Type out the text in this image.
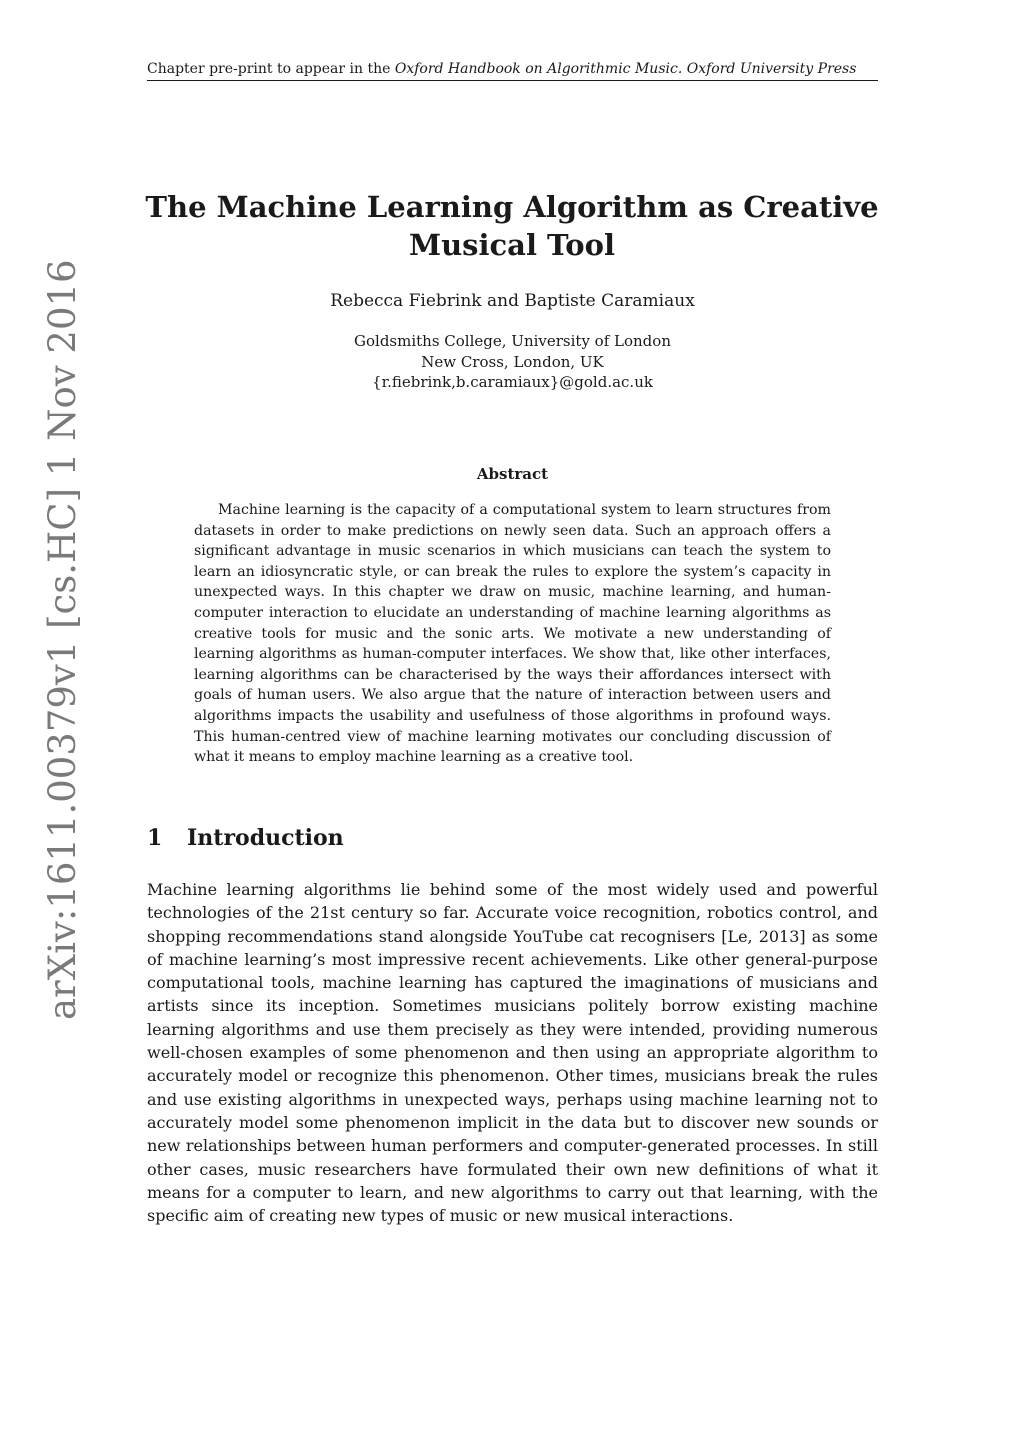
Chapter pre-print to appear in the Oxford Handbook on Algorithmic Music. Oxford University Press
arXiv:1611.00379v1 [cs.HC] 1 Nov 2016
The Machine Learning Algorithm as Creative Musical Tool
Rebecca Fiebrink and Baptiste Caramiaux
Goldsmiths College, University of London
New Cross, London, UK
{r.fiebrink,b.caramiaux}@gold.ac.uk
Abstract

Machine learning is the capacity of a computational system to learn structures from datasets in order to make predictions on newly seen data. Such an approach offers a significant advantage in music scenarios in which musicians can teach the system to learn an idiosyncratic style, or can break the rules to explore the system’s capacity in unexpected ways. In this chapter we draw on music, machine learning, and human-computer interaction to elucidate an understanding of machine learning algorithms as creative tools for music and the sonic arts. We motivate a new understanding of learning algorithms as human-computer interfaces. We show that, like other interfaces, learning algorithms can be characterised by the ways their affordances intersect with goals of human users. We also argue that the nature of interaction between users and algorithms impacts the usability and usefulness of those algorithms in profound ways. This human-centred view of machine learning motivates our concluding discussion of what it means to employ machine learning as a creative tool.

1 Introduction

Machine learning algorithms lie behind some of the most widely used and powerful technologies of the 21st century so far. Accurate voice recognition, robotics control, and shopping recommendations stand alongside YouTube cat recognisers [Le, 2013] as some of machine learning’s most impressive recent achievements. Like other general-purpose computational tools, machine learning has captured the imaginations of musicians and artists since its inception. Sometimes musicians politely borrow existing machine learning algorithms and use them precisely as they were intended, providing numerous well-chosen examples of some phenomenon and then using an appropriate algorithm to accurately model or recognize this phenomenon. Other times, musicians break the rules and use existing algorithms in unexpected ways, perhaps using machine learning not to accurately model some phenomenon implicit in the data but to discover new sounds or new relationships between human performers and computer-generated processes. In still other cases, music researchers have formulated their own new definitions of what it means for a computer to learn, and new algorithms to carry out that learning, with the specific aim of creating new types of music or new musical interactions.
